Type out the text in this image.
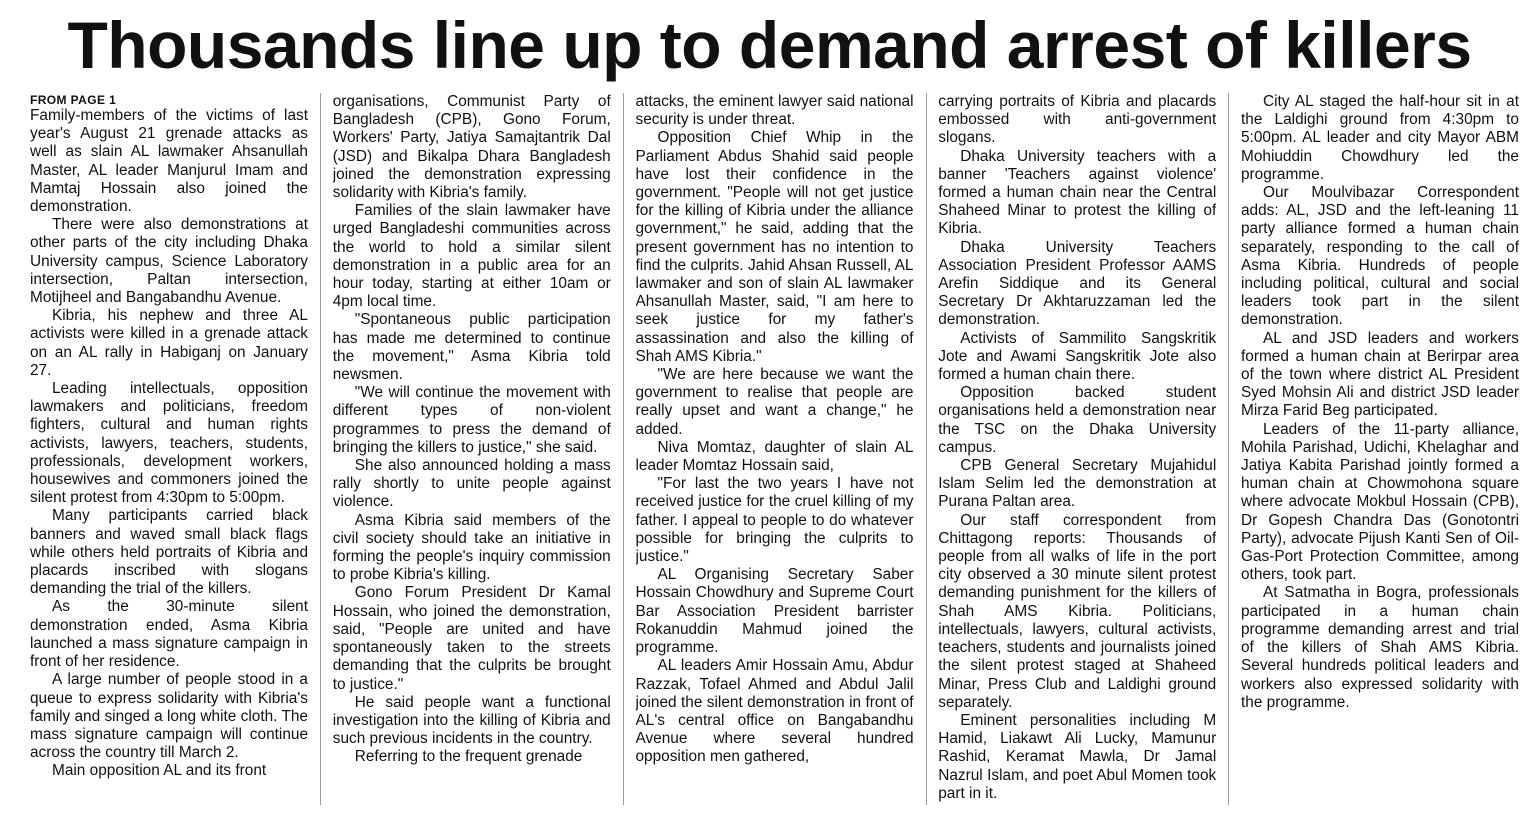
Thousands line up to demand arrest of killers
FROM PAGE 1

Family-members of the victims of last year's August 21 grenade attacks as well as slain AL lawmaker Ahsanullah Master, AL leader Manjurul Imam and Mamtaj Hossain also joined the demonstration.

There were also demonstrations at other parts of the city including Dhaka University campus, Science Laboratory intersection, Paltan intersection, Motijheel and Bangabandhu Avenue.

Kibria, his nephew and three AL activists were killed in a grenade attack on an AL rally in Habiganj on January 27.

Leading intellectuals, opposition lawmakers and politicians, freedom fighters, cultural and human rights activists, lawyers, teachers, students, professionals, development workers, housewives and commoners joined the silent protest from 4:30pm to 5:00pm.

Many participants carried black banners and waved small black flags while others held portraits of Kibria and placards inscribed with slogans demanding the trial of the killers.

As the 30-minute silent demonstration ended, Asma Kibria launched a mass signature campaign in front of her residence.

A large number of people stood in a queue to express solidarity with Kibria's family and singed a long white cloth. The mass signature campaign will continue across the country till March 2.

Main opposition AL and its front

organisations, Communist Party of Bangladesh (CPB), Gono Forum, Workers' Party, Jatiya Samajtantrik Dal (JSD) and Bikalpa Dhara Bangladesh joined the demonstration expressing solidarity with Kibria's family.

Families of the slain lawmaker have urged Bangladeshi communities across the world to hold a similar silent demonstration in a public area for an hour today, starting at either 10am or 4pm local time.

"Spontaneous public participation has made me determined to continue the movement," Asma Kibria told newsmen.

"We will continue the movement with different types of non-violent programmes to press the demand of bringing the killers to justice," she said.

She also announced holding a mass rally shortly to unite people against violence.

Asma Kibria said members of the civil society should take an initiative in forming the people's inquiry commission to probe Kibria's killing.

Gono Forum President Dr Kamal Hossain, who joined the demonstration, said, "People are united and have spontaneously taken to the streets demanding that the culprits be brought to justice."

He said people want a functional investigation into the killing of Kibria and such previous incidents in the country.

Referring to the frequent grenade

attacks, the eminent lawyer said national security is under threat.

Opposition Chief Whip in the Parliament Abdus Shahid said people have lost their confidence in the government. "People will not get justice for the killing of Kibria under the alliance government," he said, adding that the present government has no intention to find the culprits. Jahid Ahsan Russell, AL lawmaker and son of slain AL lawmaker Ahsanullah Master, said, "I am here to seek justice for my father's assassination and also the killing of Shah AMS Kibria."

"We are here because we want the government to realise that people are really upset and want a change," he added.

Niva Momtaz, daughter of slain AL leader Momtaz Hossain said,

"For last the two years I have not received justice for the cruel killing of my father. I appeal to people to do whatever possible for bringing the culprits to justice."

AL Organising Secretary Saber Hossain Chowdhury and Supreme Court Bar Association President barrister Rokanuddin Mahmud joined the programme.

AL leaders Amir Hossain Amu, Abdur Razzak, Tofael Ahmed and Abdul Jalil joined the silent demonstration in front of AL's central office on Bangabandhu Avenue where several hundred opposition men gathered,

carrying portraits of Kibria and placards embossed with anti-government slogans.

Dhaka University teachers with a banner 'Teachers against violence' formed a human chain near the Central Shaheed Minar to protest the killing of Kibria.

Dhaka University Teachers Association President Professor AAMS Arefin Siddique and its General Secretary Dr Akhtaruzzaman led the demonstration.

Activists of Sammilito Sangskritik Jote and Awami Sangskritik Jote also formed a human chain there.

Opposition backed student organisations held a demonstration near the TSC on the Dhaka University campus.

CPB General Secretary Mujahidul Islam Selim led the demonstration at Purana Paltan area.

Our staff correspondent from Chittagong reports: Thousands of people from all walks of life in the port city observed a 30 minute silent protest demanding punishment for the killers of Shah AMS Kibria. Politicians, intellectuals, lawyers, cultural activists, teachers, students and journalists joined the silent protest staged at Shaheed Minar, Press Club and Laldighi ground separately.

Eminent personalities including M Hamid, Liakawt Ali Lucky, Mamunur Rashid, Keramat Mawla, Dr Jamal Nazrul Islam, and poet Abul Momen took part in it.

City AL staged the half-hour sit in at the Laldighi ground from 4:30pm to 5:00pm. AL leader and city Mayor ABM Mohiuddin Chowdhury led the programme.

Our Moulvibazar Correspondent adds: AL, JSD and the left-leaning 11 party alliance formed a human chain separately, responding to the call of Asma Kibria. Hundreds of people including political, cultural and social leaders took part in the silent demonstration.

AL and JSD leaders and workers formed a human chain at Berirpar area of the town where district AL President Syed Mohsin Ali and district JSD leader Mirza Farid Beg participated.

Leaders of the 11-party alliance, Mohila Parishad, Udichi, Khelaghar and Jatiya Kabita Parishad jointly formed a human chain at Chowmohona square where advocate Mokbul Hossain (CPB), Dr Gopesh Chandra Das (Gonotontri Party), advocate Pijush Kanti Sen of Oil-Gas-Port Protection Committee, among others, took part.

At Satmatha in Bogra, professionals participated in a human chain programme demanding arrest and trial of the killers of Shah AMS Kibria. Several hundreds political leaders and workers also expressed solidarity with the programme.
